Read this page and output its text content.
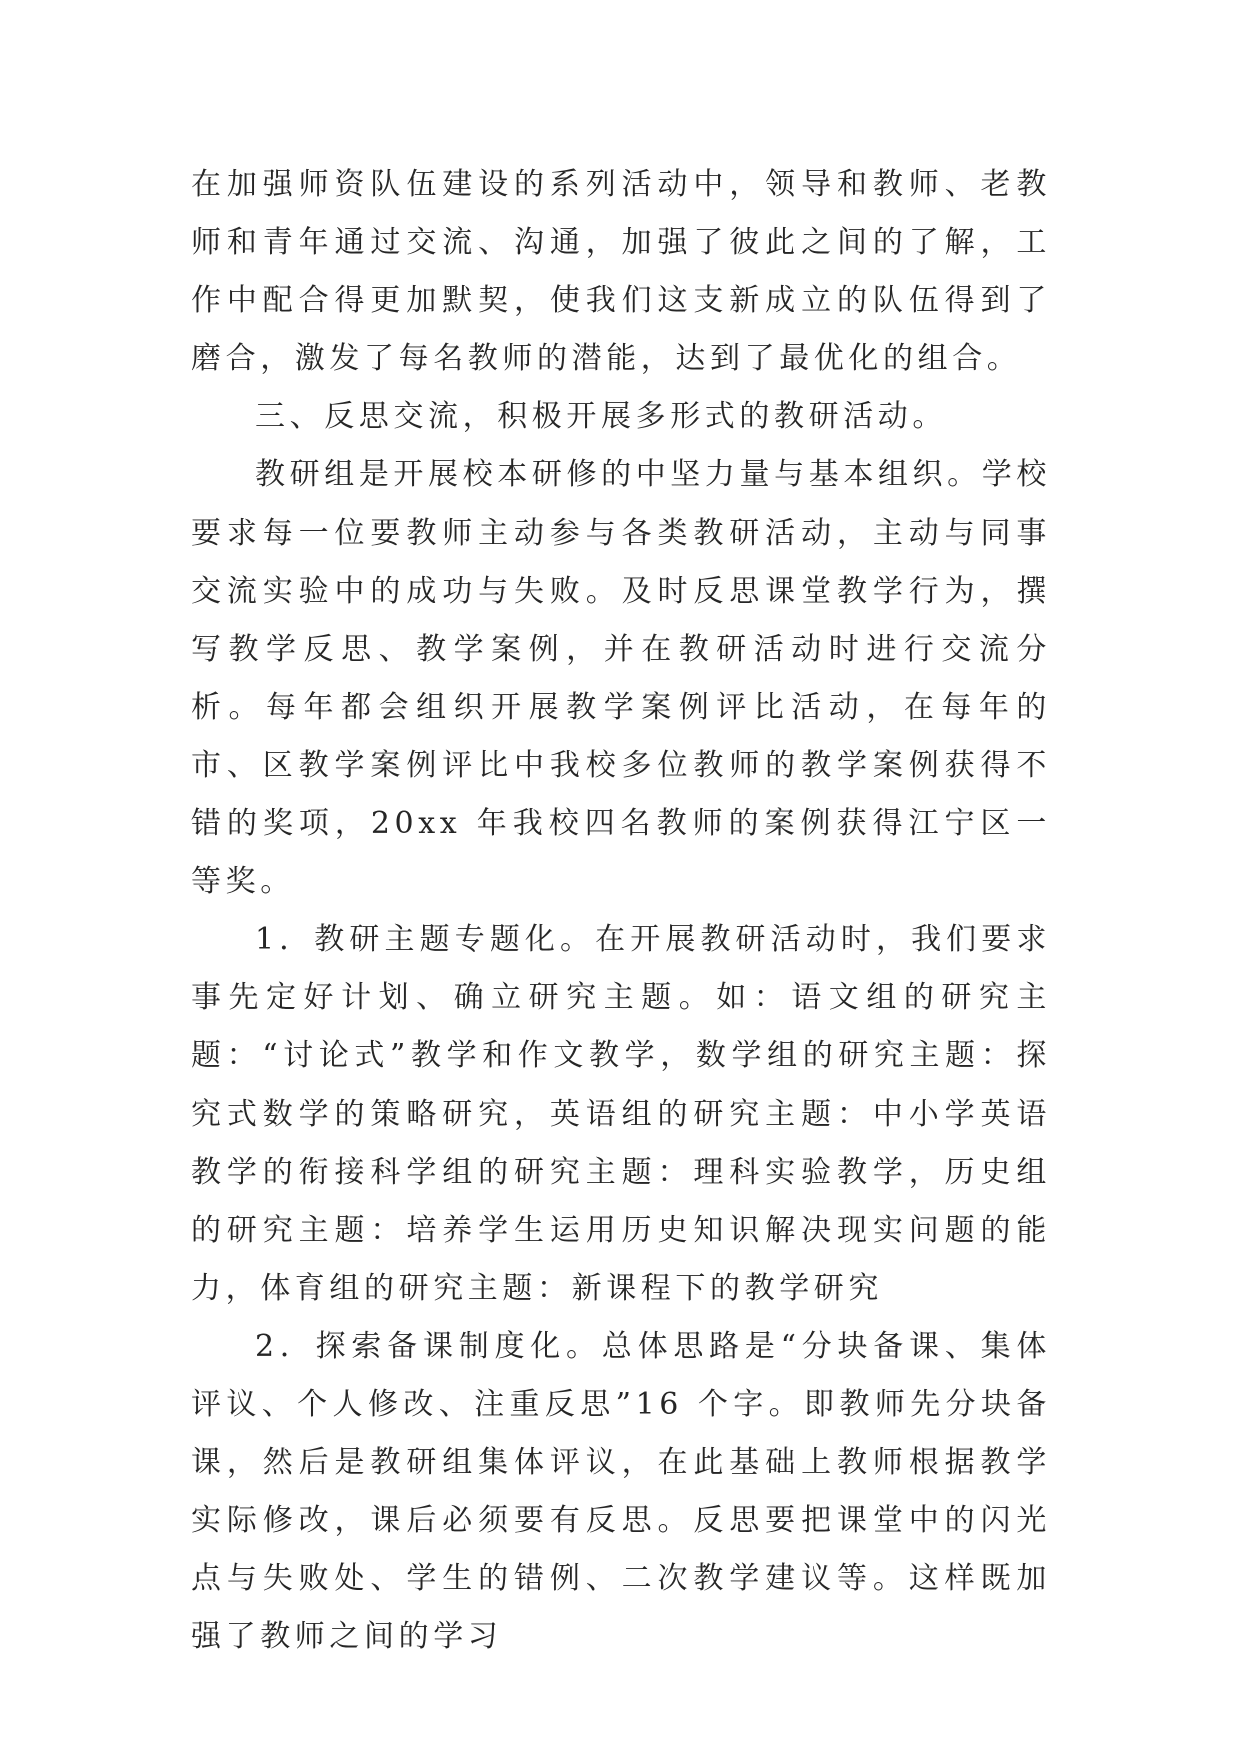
在加强师资队伍建设的系列活动中，领导和教师、老教师和青年通过交流、沟通，加强了彼此之间的了解，工作中配合得更加默契，使我们这支新成立的队伍得到了磨合，激发了每名教师的潜能，达到了最优化的组合。

三、反思交流，积极开展多形式的教研活动。

教研组是开展校本研修的中坚力量与基本组织。学校要求每一位要教师主动参与各类教研活动，主动与同事交流实验中的成功与失败。及时反思课堂教学行为，撰写教学反思、教学案例，并在教研活动时进行交流分析。每年都会组织开展教学案例评比活动，在每年的市、区教学案例评比中我校多位教师的教学案例获得不错的奖项，20xx 年我校四名教师的案例获得江宁区一等奖。

1．教研主题专题化。在开展教研活动时，我们要求事先定好计划、确立研究主题。如：语文组的研究主题：“讨论式”教学和作文教学，数学组的研究主题：探究式数学的策略研究，英语组的研究主题：中小学英语教学的衔接科学组的研究主题：理科实验教学，历史组的研究主题：培养学生运用历史知识解决现实问题的能力，体育组的研究主题：新课程下的教学研究

2．探索备课制度化。总体思路是“分块备课、集体评议、个人修改、注重反思”16 个字。即教师先分块备课，然后是教研组集体评议，在此基础上教师根据教学实际修改，课后必须要有反思。反思要把课堂中的闪光点与失败处、学生的错例、二次教学建议等。这样既加强了教师之间的学习
